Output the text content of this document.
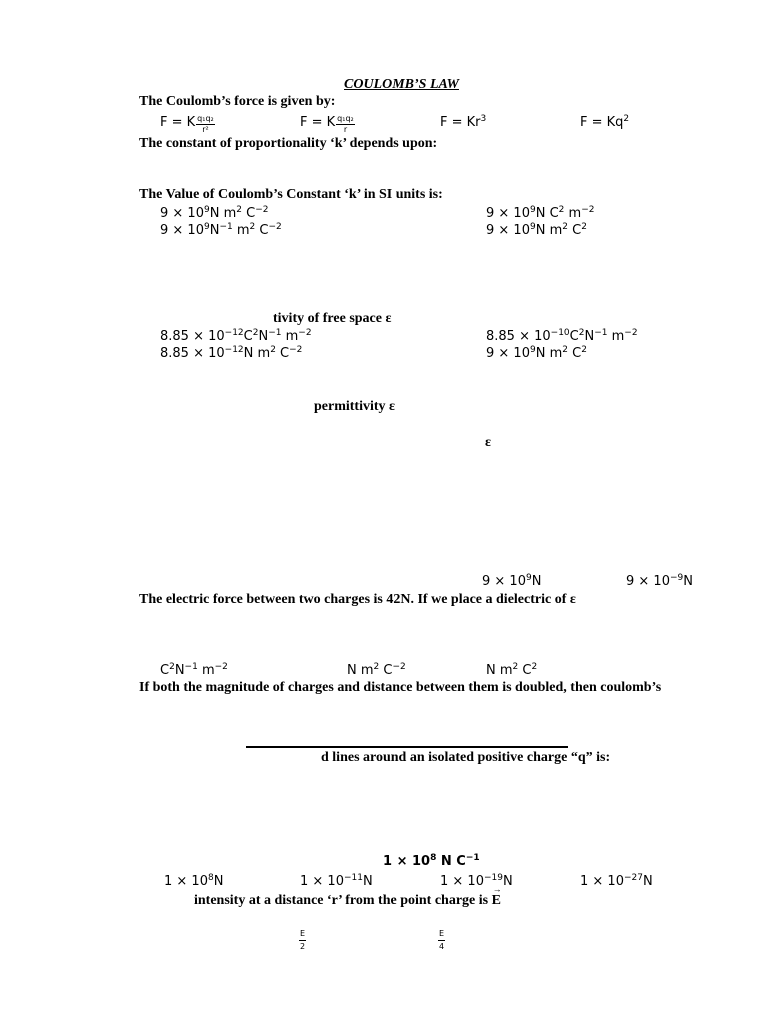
COULOMB’S LAW
The Coulomb’s force is given by:
F = K $\frac{\text{q₁q₂}}{\text{r²}}$	F = K $\frac{\text{q₁q₂}}{r}$	$F = Kr^3$	$F = Kq^2$
The constant of proportionality ‘k’ depends upon:
The Value of Coulomb’s Constant ‘k’ in SI units is:
$9 \times 10^9N$ $m^2$ $C^{-2}$	$9 \times 10^9N$ $C^2$ $m^{-2}$
$9 \times 10^9N^{-1}$ $m^2$ $C^{-2}$	$9 \times 10^9N$ $m^2$ $C^2$
tivity of free space ε
$8.85 \times 10^{-12}C^2N^{-1}$ $m^{-2}$	$8.85 \times 10^{-10}C^2N^{-1}$ $m^{-2}$
$8.85 \times 10^{-12}N$ $m^2$ $C^{-2}$	$9 \times 10^9N$ $m^2$ $C^2$
permittivity ε
ε
$9 \times 10^9N$	$9 \times 10^{-9}N$
The electric force between two charges is 42N. If we place a dielectric of ε
$C^2N^{-1}$ $m^{-2}$	N $m^2$ $C^{-2}$	N $m^2$ $C^2$
If both the magnitude of charges and distance between them is doubled, then coulomb’s
d lines around an isolated positive charge “q” is:
$1 \times 10^8$ N $C^{-1}$
$1 \times 10^8N$	$1 \times 10^{-11}N$	$1 \times 10^{-19}N$	$1 \times 10^{-27}N$
intensity at a distance ‘r’ from the point charge is → E
$\frac{E}{2}$	$\frac{E}{4}$
